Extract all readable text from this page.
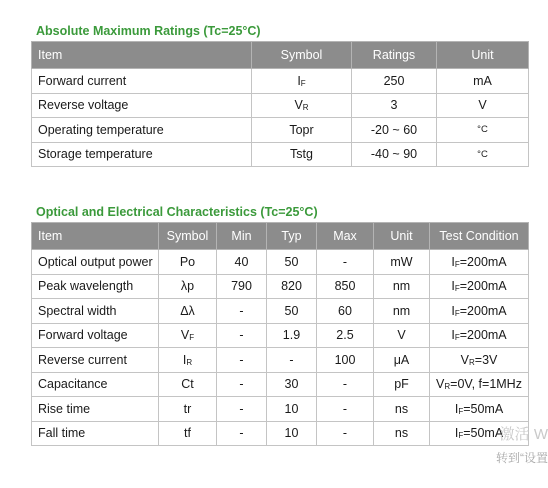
Absolute Maximum Ratings (Tc=25°C)
Item	Symbol	Ratings	Unit
Forward current	$I_F$	250	mA
Reverse voltage	$V_R$	3	V
Operating temperature	Topr	-20 ~ 60	°C
Storage temperature	Tstg	-40 ~ 90	°C
Optical and Electrical Characteristics (Tc=25°C)
Item	Symbol	Min	Typ	Max	Unit	Test Condition
Optical output power	Po	40	50	-	mW	$I_F=200mA$
Peak wavelength	λp	790	820	850	nm	$I_F=200mA$
Spectral width	Δλ	-	50	60	nm	$I_F=200mA$
Forward voltage	$V_F$	-	1.9	2.5	V	$I_F=200mA$
Reverse current	$I_R$	-	-	100	μA	$V_R=3V$
Capacitance	Ct	-	30	-	pF	$V_R=0V$, f=1MHz
Rise time	tr	-	10	-	ns	$I_F=50mA$
Fall time	tf	-	10	-	ns	$I_F=50mA$
激活 W
转到“设置
